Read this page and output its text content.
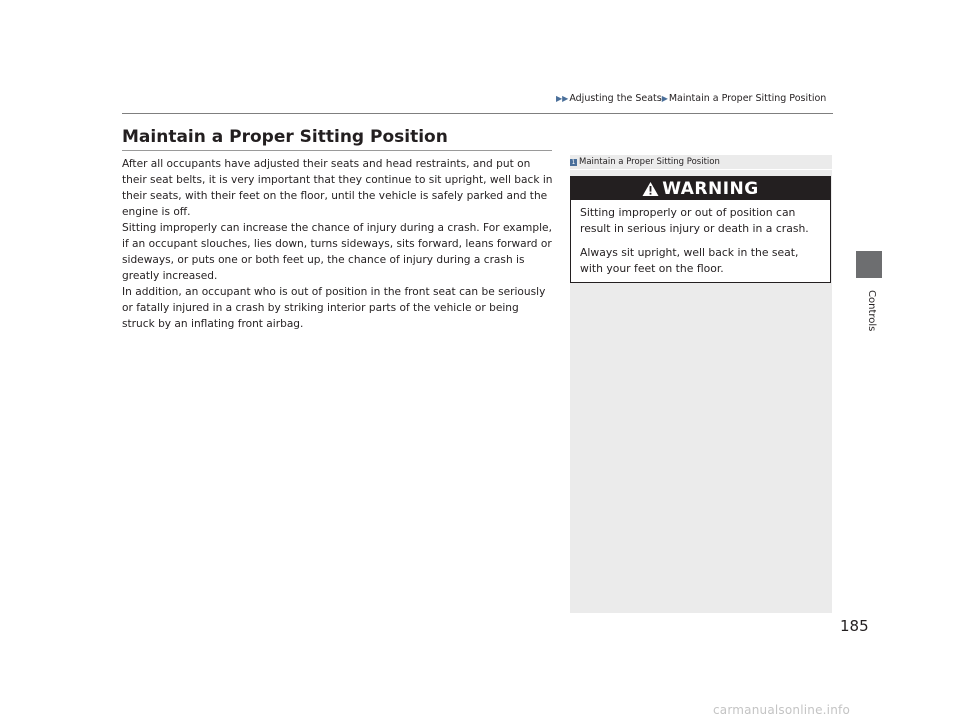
▶▶Adjusting the Seats▶Maintain a Proper Sitting Position
Maintain a Proper Sitting Position

After all occupants have adjusted their seats and head restraints, and put on their seat belts, it is very important that they continue to sit upright, well back in their seats, with their feet on the floor, until the vehicle is safely parked and the engine is off.

Sitting improperly can increase the chance of injury during a crash. For example, if an occupant slouches, lies down, turns sideways, sits forward, leans forward or sideways, or puts one or both feet up, the chance of injury during a crash is greatly increased.

In addition, an occupant who is out of position in the front seat can be seriously or fatally injured in a crash by striking interior parts of the vehicle or being struck by an inflating front airbag.

1 Maintain a Proper Sitting Position
WARNING

Sitting improperly or out of position can result in serious injury or death in a crash.

Always sit upright, well back in the seat, with your feet on the floor.

Controls
185
carmanualsonline.info
